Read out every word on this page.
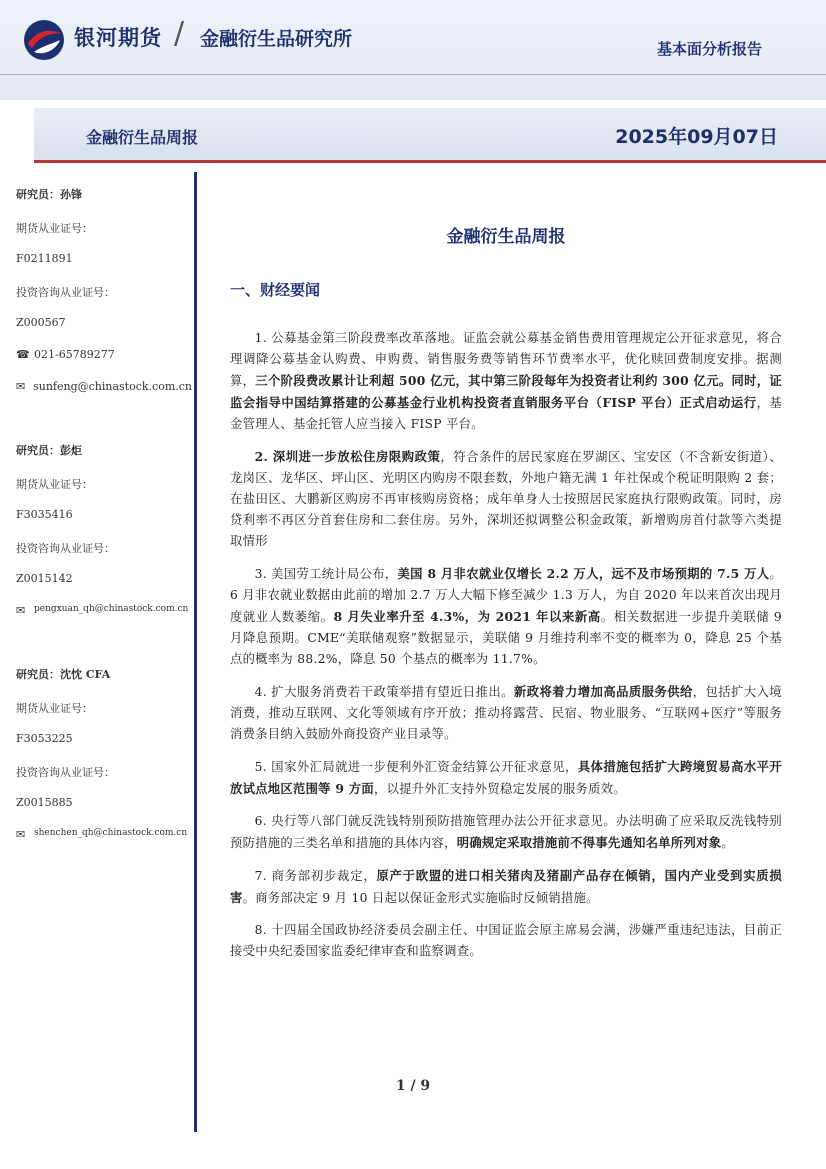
银河期货 / 金融衍生品研究所	基本面分析报告
金融衍生品周报	2025年09月07日
研究员：孙锋
期货从业证号：
F0211891
投资咨询从业证号：
Z000567
☎ 021-65789277
✉ sunfeng@chinastock.com.cn
研究员：彭炬
期货从业证号：
F3035416
投资咨询从业证号：
Z0015142
✉ pengxuan_qh@chinastock.com.cn
研究员：沈忱 CFA
期货从业证号：
F3053225
投资咨询从业证号：
Z0015885
✉ shenchen_qh@chinastock.com.cn
金融衍生品周报
一、财经要闻

1. 公募基金第三阶段费率改革落地。证监会就公募基金销售费用管理规定公开征求意见，将合理调降公募基金认购费、申购费、销售服务费等销售环节费率水平，优化赎回费制度安排。据测算，三个阶段费改累计让利超 500 亿元，其中第三阶段每年为投资者让利约 300 亿元。同时，证监会指导中国结算搭建的公募基金行业机构投资者直销服务平台（FISP 平台）正式启动运行，基金管理人、基金托管人应当接入 FISP 平台。

2. 深圳进一步放松住房限购政策，符合条件的居民家庭在罗湖区、宝安区（不含新安街道）、龙岗区、龙华区、坪山区、光明区内购房不限套数，外地户籍无满 1 年社保或个税证明限购 2 套；在盐田区、大鹏新区购房不再审核购房资格；成年单身人士按照居民家庭执行限购政策。同时，房贷利率不再区分首套住房和二套住房。另外，深圳还拟调整公积金政策，新增购房首付款等六类提取情形

3. 美国劳工统计局公布，美国 8 月非农就业仅增长 2.2 万人，远不及市场预期的 7.5 万人。6 月非农就业数据由此前的增加 2.7 万人大幅下修至减少 1.3 万人，为自 2020 年以来首次出现月度就业人数萎缩。8 月失业率升至 4.3%，为 2021 年以来新高。相关数据进一步提升美联储 9 月降息预期。CME“美联储观察”数据显示，美联储 9 月维持利率不变的概率为 0，降息 25 个基点的概率为 88.2%，降息 50 个基点的概率为 11.7%。

4. 扩大服务消费若干政策举措有望近日推出。新政将着力增加高品质服务供给，包括扩大入境消费，推动互联网、文化等领域有序开放；推动将露营、民宿、物业服务、“互联网+医疗”等服务消费条目纳入鼓励外商投资产业目录等。

5. 国家外汇局就进一步便利外汇资金结算公开征求意见，具体措施包括扩大跨境贸易高水平开放试点地区范围等 9 方面，以提升外汇支持外贸稳定发展的服务质效。

6. 央行等八部门就反洗钱特别预防措施管理办法公开征求意见。办法明确了应采取反洗钱特别预防措施的三类名单和措施的具体内容，明确规定采取措施前不得事先通知名单所列对象。

7. 商务部初步裁定，原产于欧盟的进口相关猪肉及猪副产品存在倾销，国内产业受到实质损害。商务部决定 9 月 10 日起以保证金形式实施临时反倾销措施。

8. 十四届全国政协经济委员会副主任、中国证监会原主席易会满，涉嫌严重违纪违法，目前正接受中央纪委国家监委纪律审查和监察调查。

1 / 9
